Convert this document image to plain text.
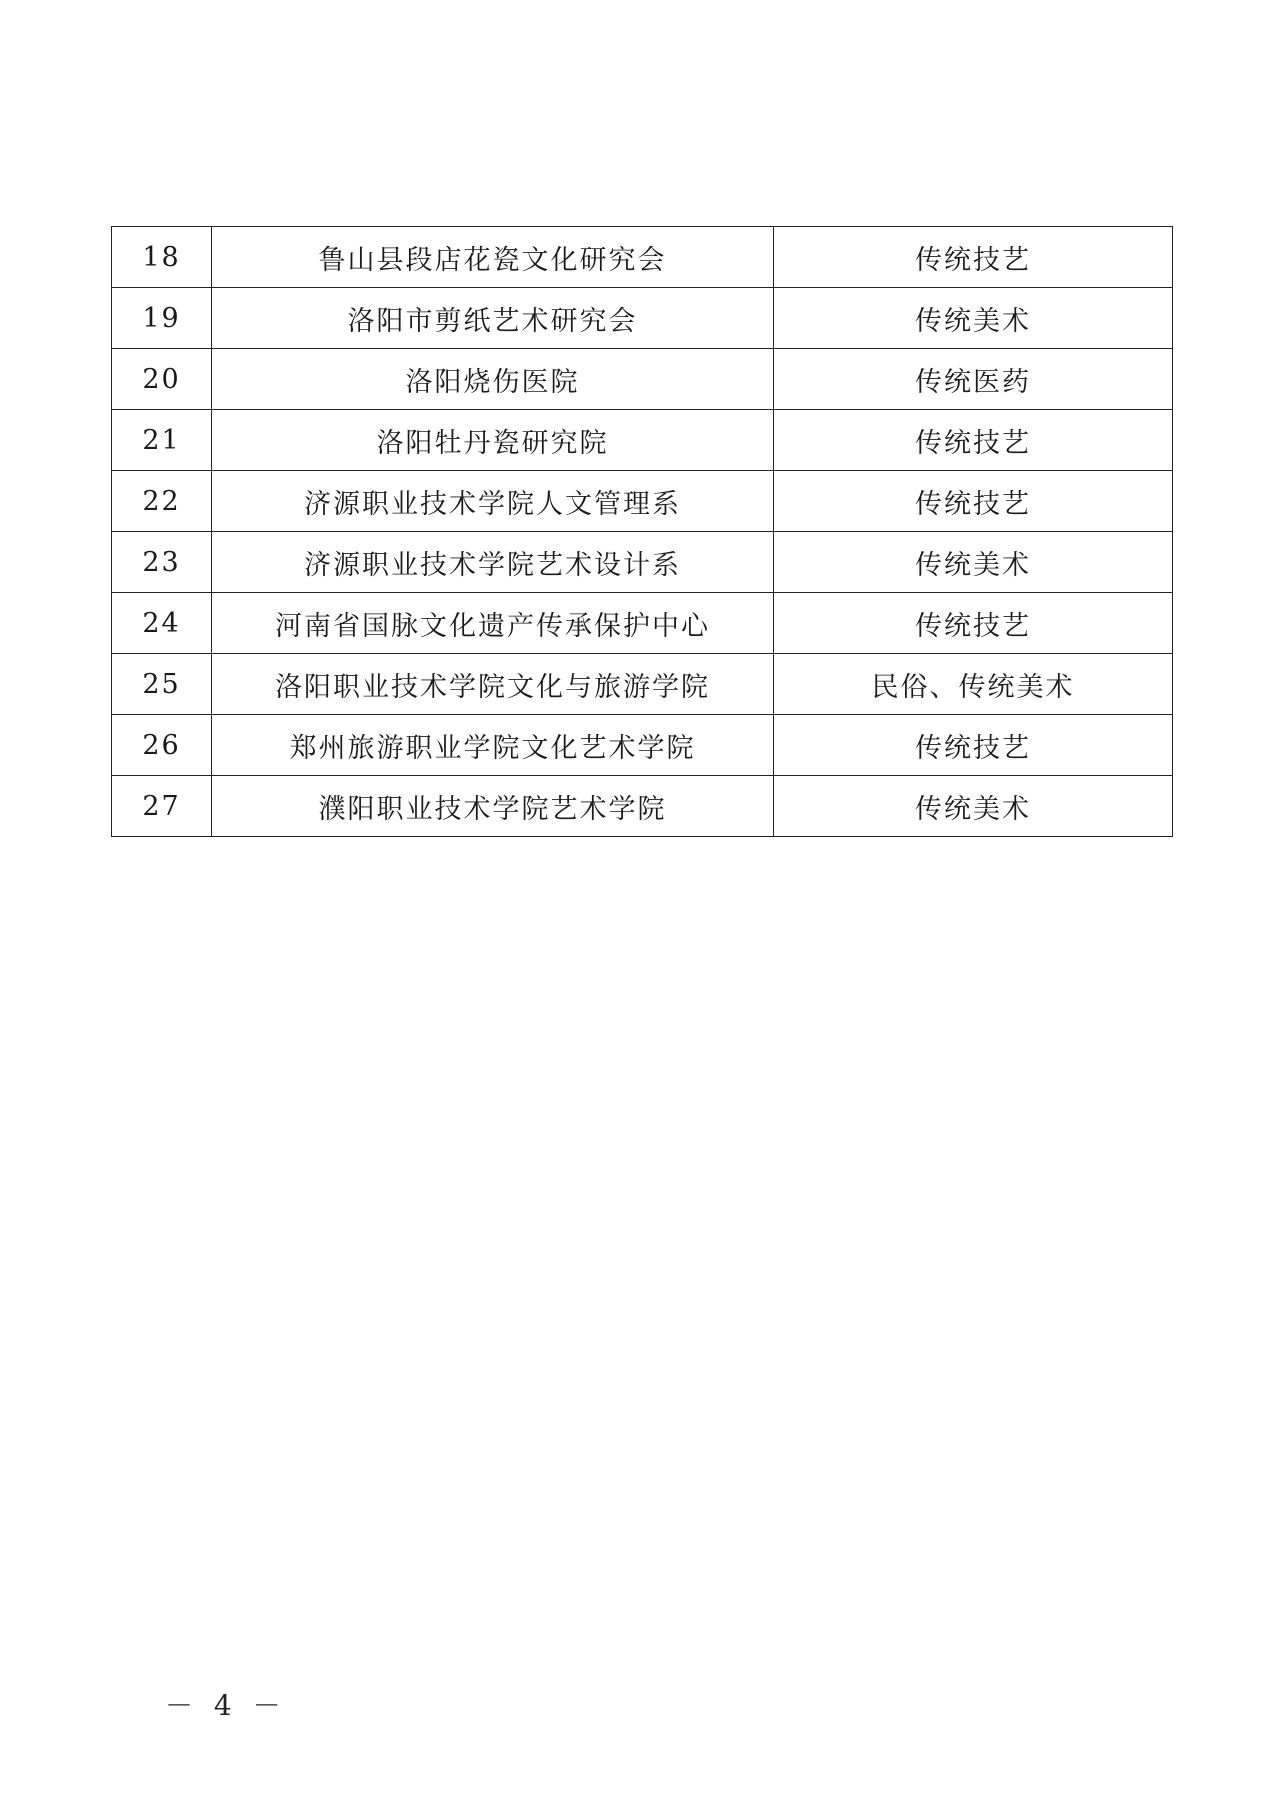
18	鲁山县段店花瓷文化研究会	传统技艺
19	洛阳市剪纸艺术研究会	传统美术
20	洛阳烧伤医院	传统医药
21	洛阳牡丹瓷研究院	传统技艺
22	济源职业技术学院人文管理系	传统技艺
23	济源职业技术学院艺术设计系	传统美术
24	河南省国脉文化遗产传承保护中心	传统技艺
25	洛阳职业技术学院文化与旅游学院	民俗、传统美术
26	郑州旅游职业学院文化艺术学院	传统技艺
27	濮阳职业技术学院艺术学院	传统美术
－ 4 －
